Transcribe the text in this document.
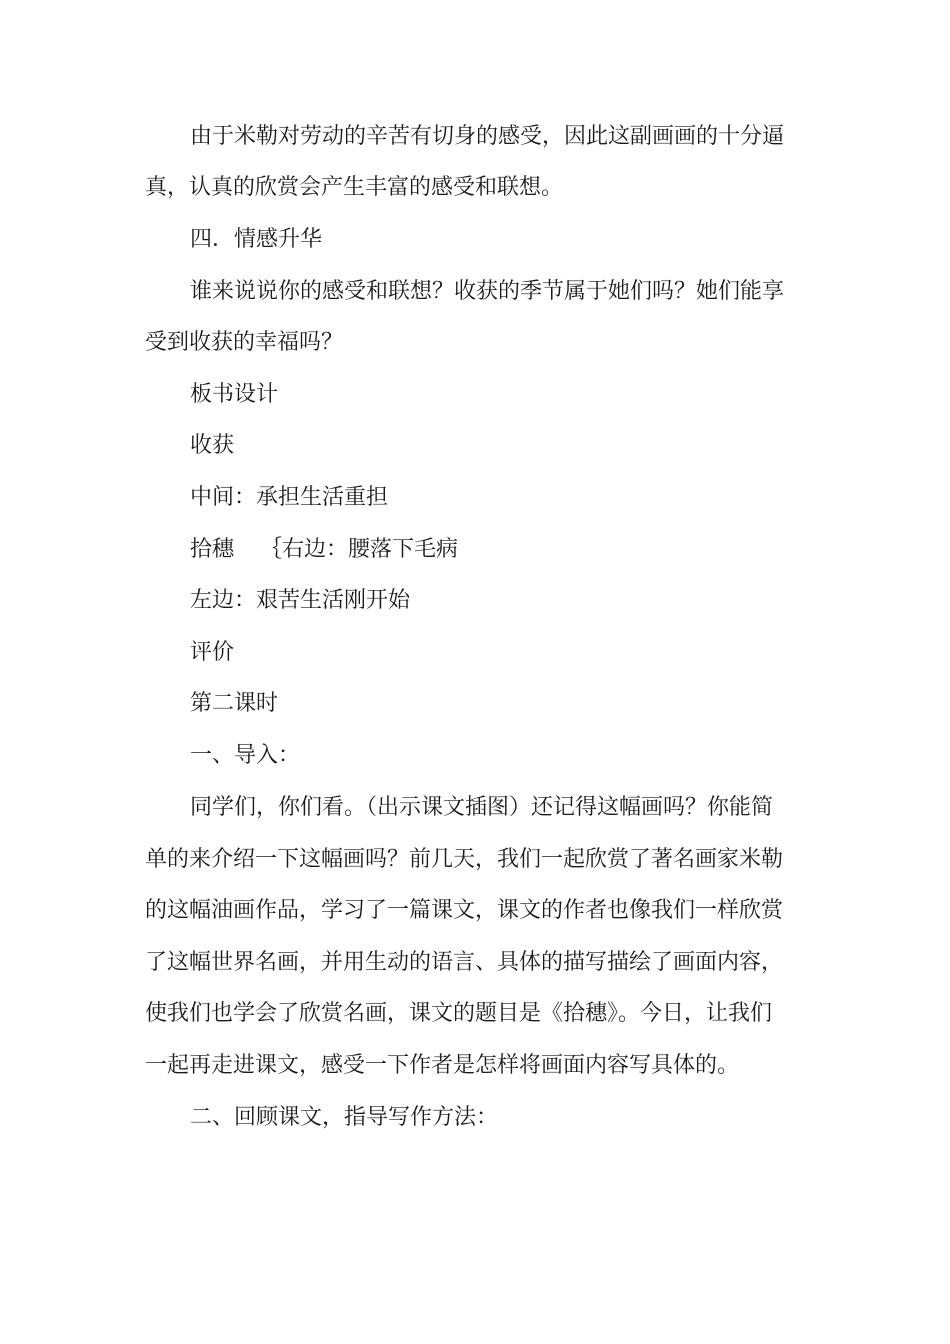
由于米勒对劳动的辛苦有切身的感受，因此这副画画的十分逼
真，认真的欣赏会产生丰富的感受和联想。
四．情感升华
谁来说说你的感受和联想？收获的季节属于她们吗？她们能享
受到收获的幸福吗？
板书设计
收获
中间：承担生活重担
拾穗 ｛右边：腰落下毛病
左边：艰苦生活刚开始
评价
第二课时
一、导入：
同学们，你们看。（出示课文插图）还记得这幅画吗？你能简
单的来介绍一下这幅画吗？前几天，我们一起欣赏了著名画家米勒
的这幅油画作品，学习了一篇课文，课文的作者也像我们一样欣赏
了这幅世界名画，并用生动的语言、具体的描写描绘了画面内容，
使我们也学会了欣赏名画，课文的题目是《拾穗》。今日，让我们
一起再走进课文，感受一下作者是怎样将画面内容写具体的。
二、回顾课文，指导写作方法：
